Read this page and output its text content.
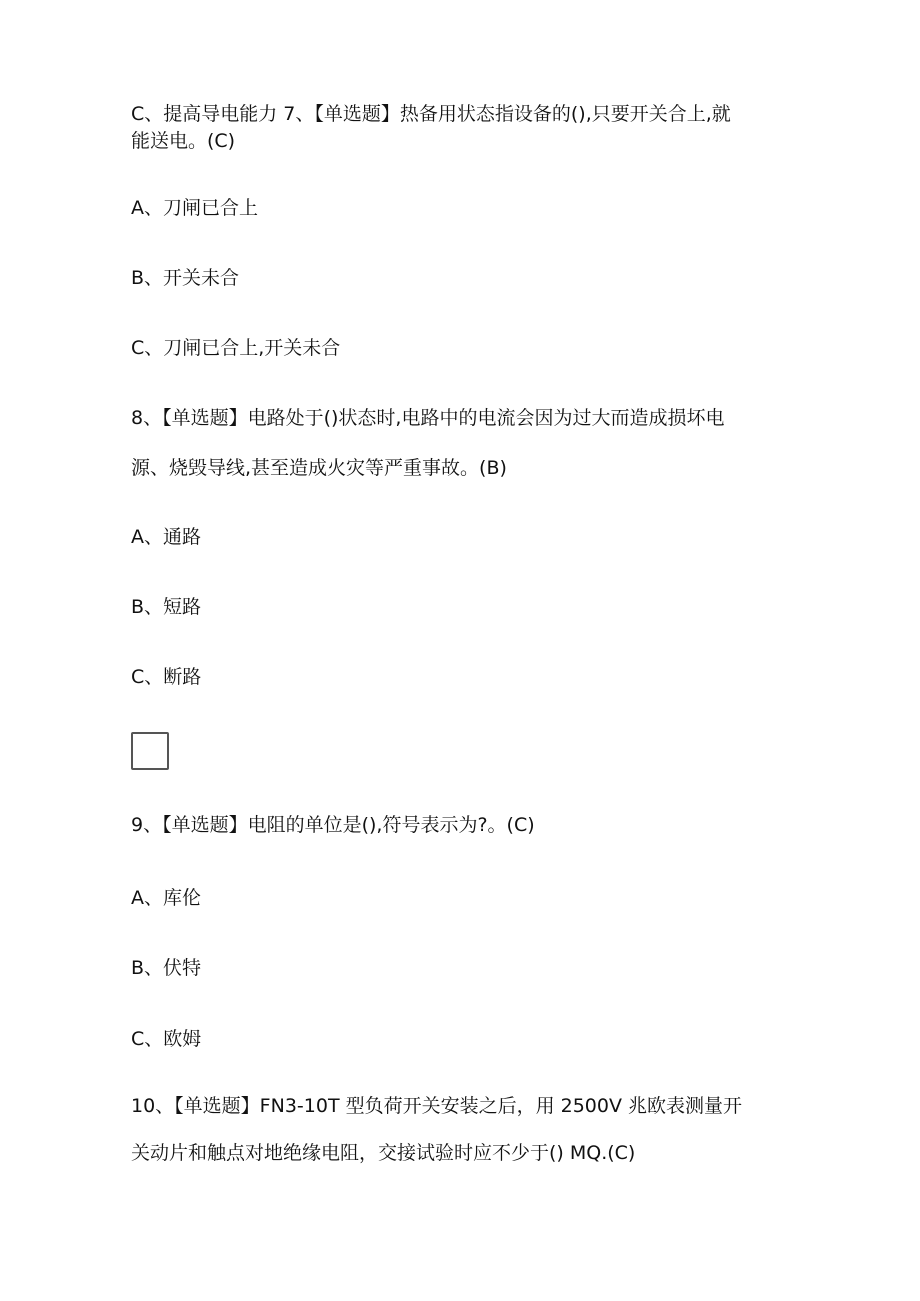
C、提高导电能力 7、【单选题】热备用状态指设备的(),只要开关合上,就
能送电。(C)
A、刀闸已合上
B、开关未合
C、刀闸已合上,开关未合
8、【单选题】电路处于()状态时,电路中的电流会因为过大而造成损坏电
源、烧毁导线,甚至造成火灾等严重事故。(B)
A、通路
B、短路
C、断路
9、【单选题】电阻的单位是(),符号表示为?。(C)
A、库伦
B、伏特
C、欧姆
10、【单选题】FN3-10T 型负荷开关安装之后，用 2500V 兆欧表测量开
关动片和触点对地绝缘电阻，交接试验时应不少于() MQ.(C)
